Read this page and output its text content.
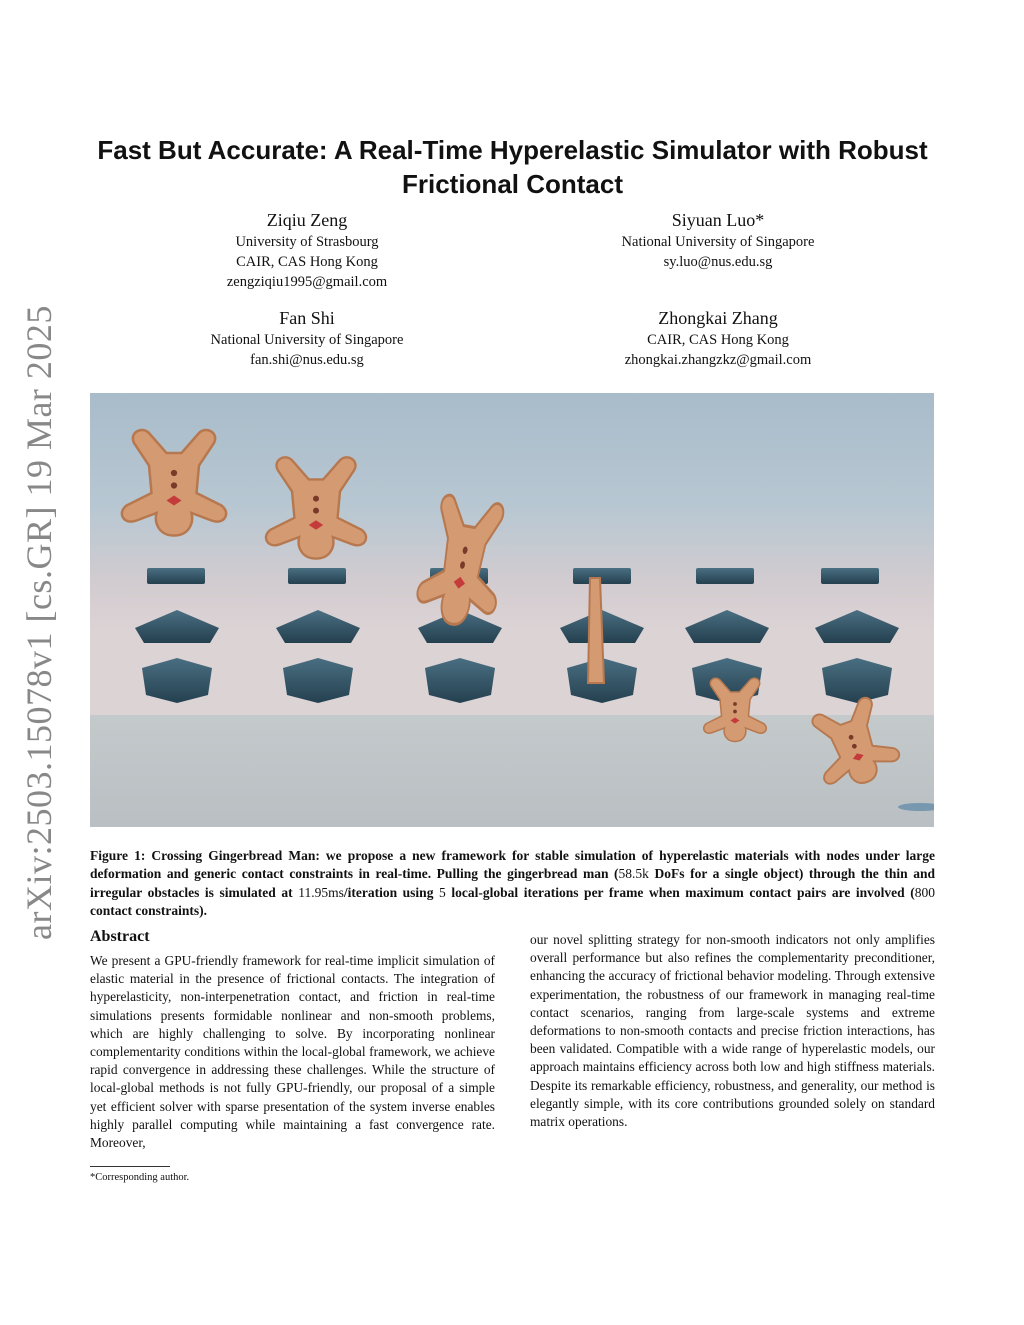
arXiv:2503.15078v1 [cs.GR] 19 Mar 2025
Fast But Accurate: A Real-Time Hyperelastic Simulator with Robust Frictional Contact
Ziqiu Zeng
University of Strasbourg
CAIR, CAS Hong Kong
zengziqiu1995@gmail.com
Siyuan Luo*
National University of Singapore
sy.luo@nus.edu.sg
Fan Shi
National University of Singapore
fan.shi@nus.edu.sg
Zhongkai Zhang
CAIR, CAS Hong Kong
zhongkai.zhangzkz@gmail.com
Figure 1: Crossing Gingerbread Man: we propose a new framework for stable simulation of hyperelastic materials with nodes under large deformation and generic contact constraints in real-time. Pulling the gingerbread man (58.5k DoFs for a single object) through the thin and irregular obstacles is simulated at 11.95ms/iteration using 5 local-global iterations per frame when maximum contact pairs are involved (800 contact constraints).
Abstract
We present a GPU-friendly framework for real-time implicit simulation of elastic material in the presence of frictional contacts. The integration of hyperelasticity, non-interpenetration contact, and friction in real-time simulations presents formidable nonlinear and non-smooth problems, which are highly challenging to solve. By incorporating nonlinear complementarity conditions within the local-global framework, we achieve rapid convergence in addressing these challenges. While the structure of local-global methods is not fully GPU-friendly, our proposal of a simple yet efficient solver with sparse presentation of the system inverse enables highly parallel computing while maintaining a fast convergence rate. Moreover,
our novel splitting strategy for non-smooth indicators not only amplifies overall performance but also refines the complementarity preconditioner, enhancing the accuracy of frictional behavior modeling. Through extensive experimentation, the robustness of our framework in managing real-time contact scenarios, ranging from large-scale systems and extreme deformations to non-smooth contacts and precise friction interactions, has been validated. Compatible with a wide range of hyperelastic models, our approach maintains efficiency across both low and high stiffness materials. Despite its remarkable efficiency, robustness, and generality, our method is elegantly simple, with its core contributions grounded solely on standard matrix operations.
*Corresponding author.
